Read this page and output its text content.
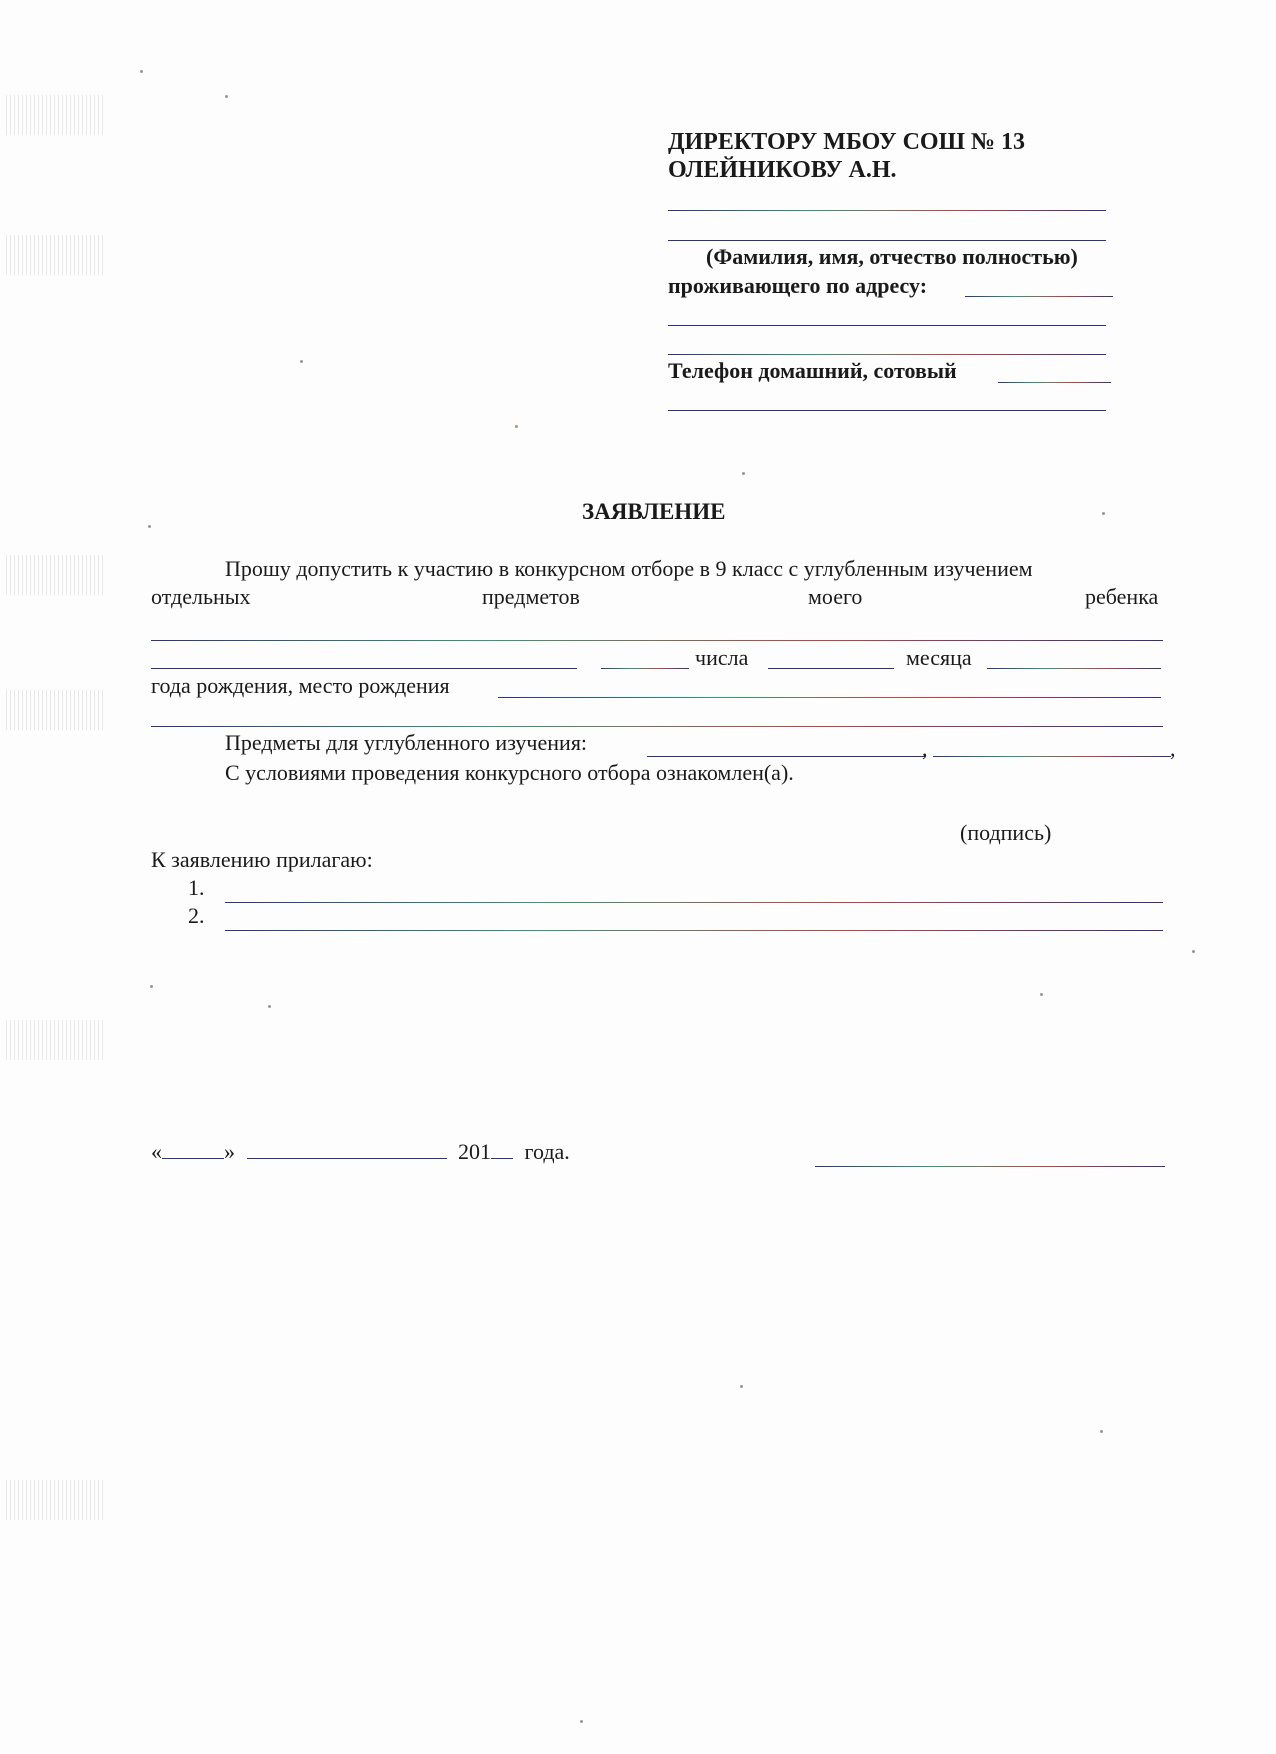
ДИРЕКТОРУ МБОУ СОШ № 13
ОЛЕЙНИКОВУ А.Н.
(Фамилия, имя, отчество полностью)
проживающего по адресу:
Телефон домашний, сотовый
ЗАЯВЛЕНИЕ
Прошу допустить к участию в конкурсном отборе в 9 класс с углубленным изучением
отдельных	предметов	моего	ребенка
числа	месяца
года рождения, место рождения
Предметы для углубленного изучения:	,	,
С условиями проведения конкурсного отбора ознакомлен(а).
(подпись)
К заявлению прилагаю:
1.
2.
«	»	201 года.
